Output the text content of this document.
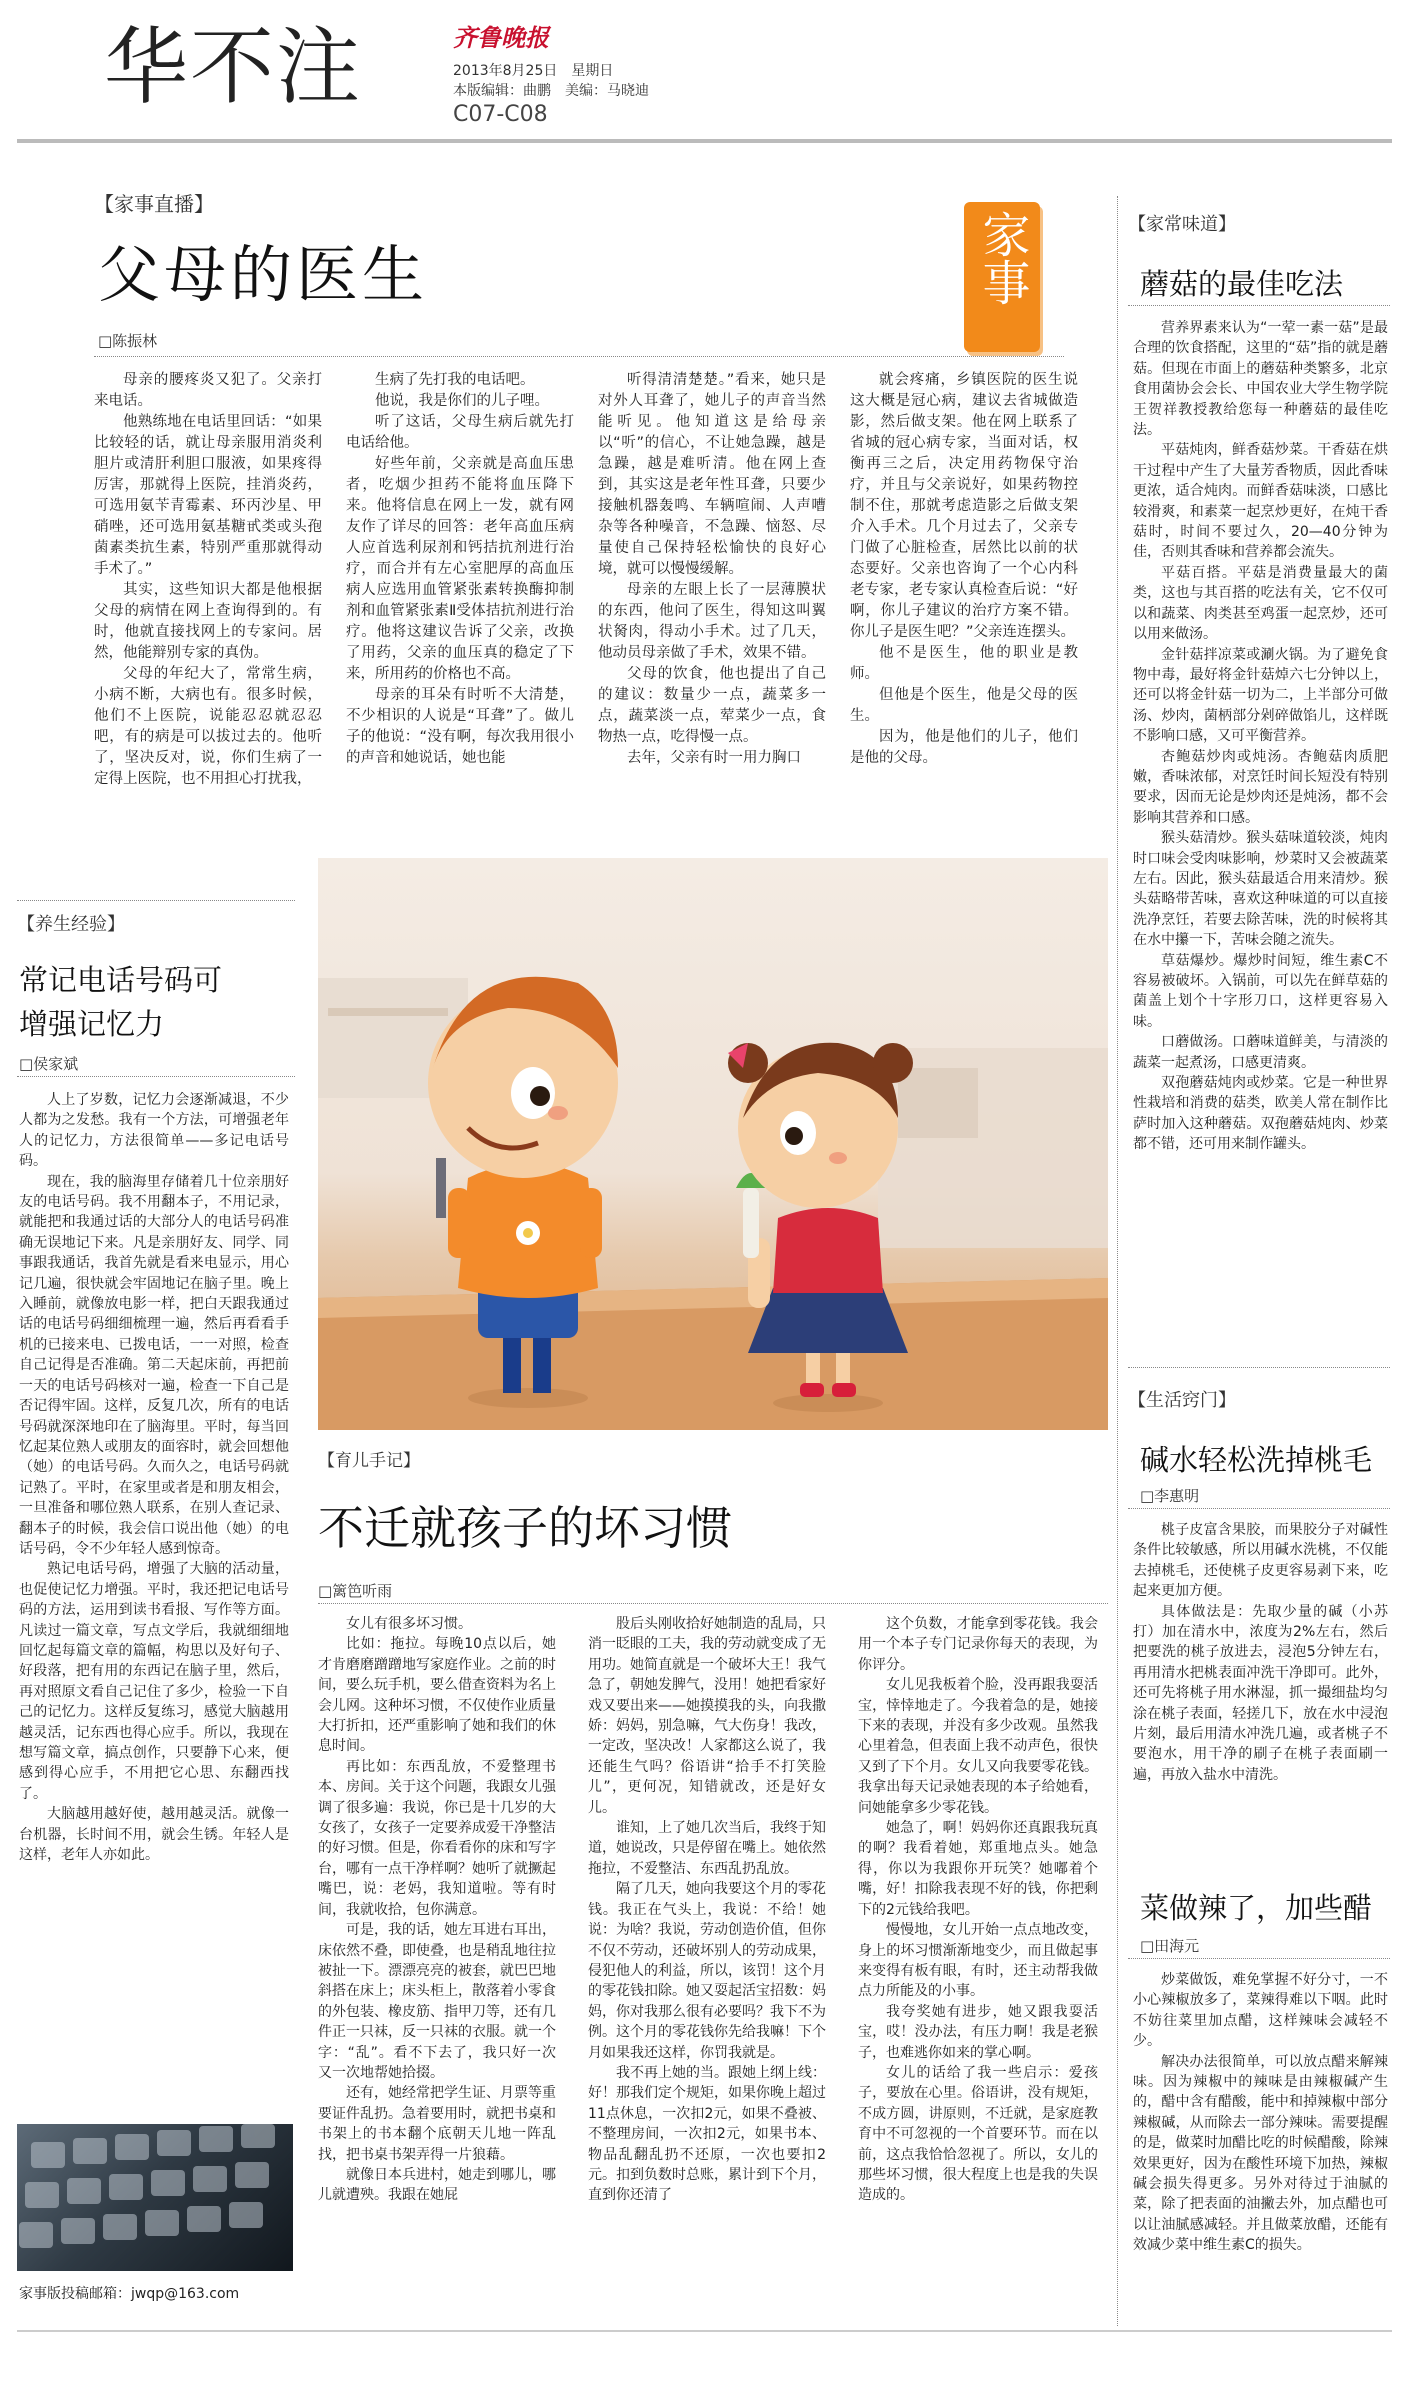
华不注	齐鲁晚报
2013年8月25日　星期日
本版编辑：曲鹏　美编：马晓迪
C07-C08
【家事直播】
父母的医生
□陈振林
家事

母亲的腰疼炎又犯了。父亲打来电话。

他熟练地在电话里回话：“如果比较轻的话，就让母亲服用消炎利胆片或清肝利胆口服液，如果疼得厉害，那就得上医院，挂消炎药，可选用氨苄青霉素、环丙沙星、甲硝唑，还可选用氨基糖甙类或头孢菌素类抗生素，特别严重那就得动手术了。”

其实，这些知识大都是他根据父母的病情在网上查询得到的。有时，他就直接找网上的专家问。居然，他能辩别专家的真伪。

父母的年纪大了，常常生病，小病不断，大病也有。很多时候，他们不上医院，说能忍忍就忍忍吧，有的病是可以拔过去的。他听了，坚决反对，说，你们生病了一定得上医院，也不用担心打扰我，

生病了先打我的电话吧。

他说，我是你们的儿子哩。

听了这话，父母生病后就先打电话给他。

好些年前，父亲就是高血压患者，吃烟少担药不能将血压降下来。他将信息在网上一发，就有网友作了详尽的回答：老年高血压病人应首选利尿剂和钙拮抗剂进行治疗，而合并有左心室肥厚的高血压病人应选用血管紧张素转换酶抑制剂和血管紧张素Ⅱ受体拮抗剂进行治疗。他将这建议告诉了父亲，改换了用药，父亲的血压真的稳定了下来，所用药的价格也不高。

母亲的耳朵有时听不大清楚，不少相识的人说是“耳聋”了。做儿子的他说：“没有啊，每次我用很小的声音和她说话，她也能

听得清清楚楚。”看来，她只是对外人耳聋了，她儿子的声音当然能听见。他知道这是给母亲以“听”的信心，不让她急躁，越是急躁，越是难听清。他在网上查到，其实这是老年性耳聋，只要少接触机器轰鸣、车辆喧闹、人声嘈杂等各种噪音，不急躁、恼怒、尽量使自己保持轻松愉快的良好心境，就可以慢慢缓解。

母亲的左眼上长了一层薄膜状的东西，他问了医生，得知这叫翼状胬肉，得动小手术。过了几天，他动员母亲做了手术，效果不错。

父母的饮食，他也提出了自己的建议：数量少一点，蔬菜多一点，蔬菜淡一点，荤菜少一点，食物热一点，吃得慢一点。

去年，父亲有时一用力胸口

就会疼痛，乡镇医院的医生说这大概是冠心病，建议去省城做造影，然后做支架。他在网上联系了省城的冠心病专家，当面对话，权衡再三之后，决定用药物保守治疗，并且与父亲说好，如果药物控制不住，那就考虑造影之后做支架介入手术。几个月过去了，父亲专门做了心脏检查，居然比以前的状态要好。父亲也咨询了一个心内科老专家，老专家认真检查后说：“好啊，你儿子建议的治疗方案不错。你儿子是医生吧？”父亲连连摆头。

他不是医生，他的职业是教师。

但他是个医生，他是父母的医生。

因为，他是他们的儿子，他们是他的父母。

【家常味道】
蘑菇的最佳吃法

营养界素来认为“一荤一素一菇”是最合理的饮食搭配，这里的“菇”指的就是蘑菇。但现在市面上的蘑菇种类繁多，北京食用菌协会会长、中国农业大学生物学院王贺祥教授教给您每一种蘑菇的最佳吃法。

平菇炖肉，鲜香菇炒菜。干香菇在烘干过程中产生了大量芳香物质，因此香味更浓，适合炖肉。而鲜香菇味淡，口感比较滑爽，和素菜一起烹炒更好，在炖干香菇时，时间不要过久，20—40分钟为佳，否则其香味和营养都会流失。

平菇百搭。平菇是消费量最大的菌类，这也与其百搭的吃法有关，它不仅可以和蔬菜、肉类甚至鸡蛋一起烹炒，还可以用来做汤。

金针菇拌凉菜或涮火锅。为了避免食物中毒，最好将金针菇焯六七分钟以上，还可以将金针菇一切为二，上半部分可做汤、炒肉，菌柄部分剁碎做馅儿，这样既不影响口感，又可平衡营养。

杏鲍菇炒肉或炖汤。杏鲍菇肉质肥嫩，香味浓郁，对烹饪时间长短没有特别要求，因而无论是炒肉还是炖汤，都不会影响其营养和口感。

猴头菇清炒。猴头菇味道较淡，炖肉时口味会受肉味影响，炒菜时又会被蔬菜左右。因此，猴头菇最适合用来清炒。猴头菇略带苦味，喜欢这种味道的可以直接洗净烹饪，若要去除苦味，洗的时候将其在水中攥一下，苦味会随之流失。

草菇爆炒。爆炒时间短，维生素C不容易被破坏。入锅前，可以先在鲜草菇的菌盖上划个十字形刀口，这样更容易入味。

口蘑做汤。口蘑味道鲜美，与清淡的蔬菜一起煮汤，口感更清爽。

双孢蘑菇炖肉或炒菜。它是一种世界性栽培和消费的菇类，欧美人常在制作比萨时加入这种蘑菇。双孢蘑菇炖肉、炒菜都不错，还可用来制作罐头。

【生活窍门】
碱水轻松洗掉桃毛
□李惠明

桃子皮富含果胶，而果胶分子对碱性条件比较敏感，所以用碱水洗桃，不仅能去掉桃毛，还使桃子皮更容易剥下来，吃起来更加方便。

具体做法是：先取少量的碱（小苏打）加在清水中，浓度为2%左右，然后把要洗的桃子放进去，浸泡5分钟左右，再用清水把桃表面冲洗干净即可。此外，还可先将桃子用水淋湿，抓一撮细盐均匀涂在桃子表面，轻搓几下，放在水中浸泡片刻，最后用清水冲洗几遍，或者桃子不要泡水，用干净的刷子在桃子表面刷一遍，再放入盐水中清洗。

菜做辣了，加些醋
□田海元

炒菜做饭，难免掌握不好分寸，一不小心辣椒放多了，菜辣得难以下咽。此时不妨往菜里加点醋，这样辣味会减轻不少。

解决办法很简单，可以放点醋来解辣味。因为辣椒中的辣味是由辣椒碱产生的，醋中含有醋酸，能中和掉辣椒中部分辣椒碱，从而除去一部分辣味。需要提醒的是，做菜时加醋比吃的时候醋酸，除辣效果更好，因为在酸性环境下加热，辣椒碱会损失得更多。另外对待过于油腻的菜，除了把表面的油撇去外，加点醋也可以让油腻感减轻。并且做菜放醋，还能有效减少菜中维生素C的损失。

【养生经验】
常记电话号码可增强记忆力
□侯家斌

人上了岁数，记忆力会逐渐减退，不少人都为之发愁。我有一个方法，可增强老年人的记忆力，方法很简单——多记电话号码。

现在，我的脑海里存储着几十位亲朋好友的电话号码。我不用翻本子，不用记录，就能把和我通过话的大部分人的电话号码准确无误地记下来。凡是亲朋好友、同学、同事跟我通话，我首先就是看来电显示，用心记几遍，很快就会牢固地记在脑子里。晚上入睡前，就像放电影一样，把白天跟我通过话的电话号码细细梳理一遍，然后再看看手机的已接来电、已拨电话，一一对照，检查自己记得是否准确。第二天起床前，再把前一天的电话号码核对一遍，检查一下自己是否记得牢固。这样，反复几次，所有的电话号码就深深地印在了脑海里。平时，每当回忆起某位熟人或朋友的面容时，就会回想他（她）的电话号码。久而久之，电话号码就记熟了。平时，在家里或者是和朋友相会，一旦准备和哪位熟人联系，在别人查记录、翻本子的时候，我会信口说出他（她）的电话号码，令不少年轻人感到惊奇。

熟记电话号码，增强了大脑的活动量，也促使记忆力增强。平时，我还把记电话号码的方法，运用到读书看报、写作等方面。凡读过一篇文章，写点文学后，我就细细地回忆起每篇文章的篇幅，构思以及好句子、好段落，把有用的东西记在脑子里，然后，再对照原文看自己记住了多少，检验一下自己的记忆力。这样反复练习，感觉大脑越用越灵活，记东西也得心应手。所以，我现在想写篇文章，搞点创作，只要静下心来，便感到得心应手，不用把它心思、东翻西找了。

大脑越用越好使，越用越灵活。就像一台机器，长时间不用，就会生锈。年轻人是这样，老年人亦如此。

家事版投稿邮箱：jwqp@163.com
【育儿手记】
不迁就孩子的坏习惯
□篱笆听雨

女儿有很多坏习惯。

比如：拖拉。每晚10点以后，她才肯磨磨蹭蹭地写家庭作业。之前的时间，要么玩手机，要么借查资料为名上会儿网。这种坏习惯，不仅使作业质量大打折扣，还严重影响了她和我们的休息时间。

再比如：东西乱放，不爱整理书本、房间。关于这个问题，我跟女儿强调了很多遍：我说，你已是十几岁的大女孩了，女孩子一定要养成爱干净整洁的好习惯。但是，你看看你的床和写字台，哪有一点干净样啊？她听了就撅起嘴巴，说：老妈，我知道啦。等有时间，我就收拾，包你满意。

可是，我的话，她左耳进右耳出，床依然不叠，即使叠，也是稍乱地往拉被扯一下。漂漂亮亮的被套，就巴巴地斜搭在床上；床头柜上，散落着小零食的外包装、橡皮筋、指甲刀等，还有几件正一只袜，反一只袜的衣服。就一个字：“乱”。看不下去了，我只好一次又一次地帮她拾掇。

还有，她经常把学生证、月票等重要证件乱扔。急着要用时，就把书桌和书架上的书本翻个底朝天儿地一阵乱找，把书桌书架弄得一片狼藉。

就像日本兵进村，她走到哪儿，哪儿就遭殃。我跟在她屁

股后头刚收拾好她制造的乱局，只消一眨眼的工夫，我的劳动就变成了无用功。她简直就是一个破坏大王！我气急了，朝她发脾气，没用！她把看家好戏又要出来——她摸摸我的头，向我撒娇：妈妈，别急嘛，气大伤身！我改，一定改，坚决改！人家都这么说了，我还能生气吗？俗语讲“拾手不打笑脸儿”，更何况，知错就改，还是好女儿。

谁知，上了她几次当后，我终于知道，她说改，只是停留在嘴上。她依然拖拉，不爱整洁、东西乱扔乱放。

隔了几天，她向我要这个月的零花钱。我正在气头上，我说：不给！她说：为啥？我说，劳动创造价值，但你不仅不劳动，还破坏别人的劳动成果，侵犯他人的利益，所以，该罚！这个月的零花钱扣除。她又耍起活宝招数：妈妈，你对我那么很有必要吗？我下不为例。这个月的零花钱你先给我嘛！下个月如果我还这样，你罚我就是。

我不再上她的当。跟她上纲上线：好！那我们定个规矩，如果你晚上超过11点休息，一次扣2元，如果不叠被、不整理房间，一次扣2元，如果书本、物品乱翻乱扔不还原，一次也要扣2元。扣到负数时总账，累计到下个月，直到你还清了

这个负数，才能拿到零花钱。我会用一个本子专门记录你每天的表现，为你评分。

女儿见我板着个脸，没再跟我耍活宝，悻悻地走了。今我着急的是，她接下来的表现，并没有多少改观。虽然我心里着急，但表面上我不动声色，很快又到了下个月。女儿又向我要零花钱。我拿出每天记录她表现的本子给她看，问她能拿多少零花钱。

她急了，啊！妈妈你还真跟我玩真的啊？我看着她，郑重地点头。她急得，你以为我跟你开玩笑？她嘟着个嘴，好！扣除我表现不好的钱，你把剩下的2元钱给我吧。

慢慢地，女儿开始一点点地改变，身上的坏习惯渐渐地变少，而且做起事来变得有板有眼，有时，还主动帮我做点力所能及的小事。

我夸奖她有进步，她又跟我耍活宝，哎！没办法，有压力啊！我是老猴子，也难逃你如来的掌心啊。

女儿的话给了我一些启示：爱孩子，要放在心里。俗语讲，没有规矩，不成方圆，讲原则，不迁就，是家庭教育中不可忽视的一个首要环节。而在以前，这点我恰恰忽视了。所以，女儿的那些坏习惯，很大程度上也是我的失误造成的。
